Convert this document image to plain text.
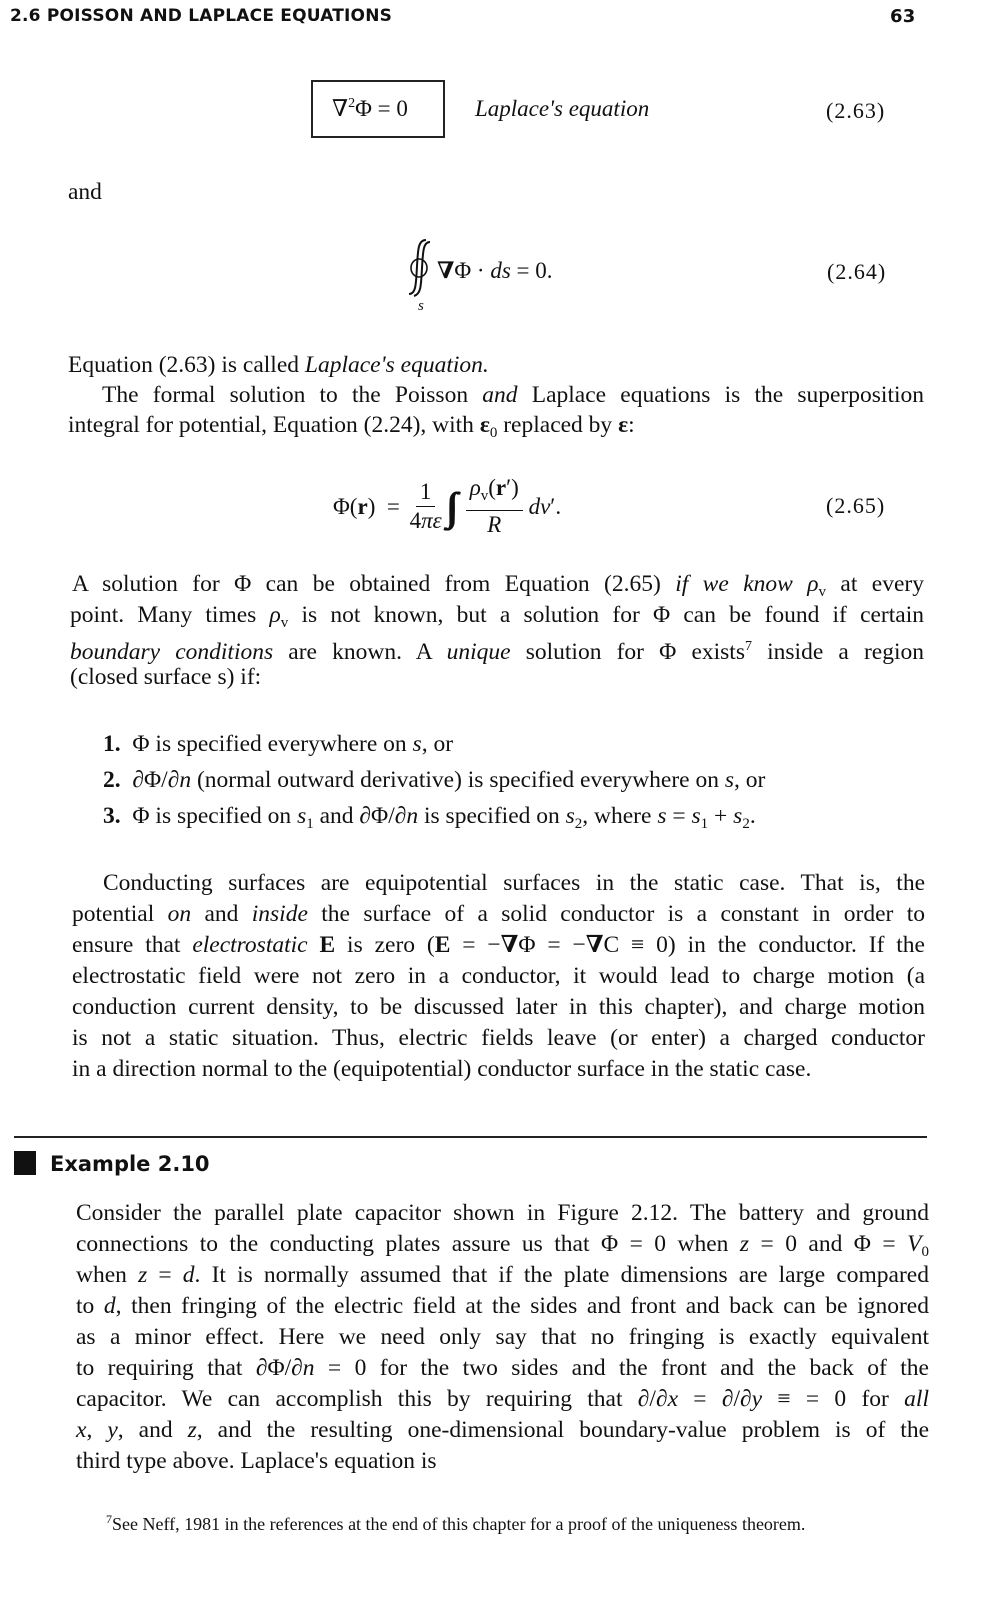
2.6 POISSON AND LAPLACE EQUATIONS	63
∇$^2$Φ = 0	Laplace's equation	(2.63)
and
∇Φ · ds = 0.
s
(2.64)
Equation (2.63) is called Laplace's equation.
The formal solution to the Poisson and Laplace equations is the superposition
integral for potential, Equation (2.24), with $\varepsilon_0$ replaced by ε:
$\Phi(r) = \frac{1}{4\pi\varepsilon} \frac{\rho_v(r')}{R} dv'$.	(2.65)
A solution for Φ can be obtained from Equation (2.65) if we know $\rho_v$ at every
point. Many times $\rho_v$ is not known, but a solution for Φ can be found if certain
boundary conditions are known. A unique solution for Φ exists$^7$ inside a region
(closed surface s) if:
1. Φ is specified everywhere on s, or
2. ∂Φ/∂n (normal outward derivative) is specified everywhere on s, or
3. Φ is specified on $s_1$ and ∂Φ/∂n is specified on $s_2$, where $s = s_1 + s_2$.
Conducting surfaces are equipotential surfaces in the static case. That is, the
potential on and inside the surface of a solid conductor is a constant in order to
ensure that electrostatic E is zero (E = −∇Φ = −∇C ≡ 0) in the conductor. If the
electrostatic field were not zero in a conductor, it would lead to charge motion (a
conduction current density, to be discussed later in this chapter), and charge motion
is not a static situation. Thus, electric fields leave (or enter) a charged conductor
in a direction normal to the (equipotential) conductor surface in the static case.
Example 2.10
Consider the parallel plate capacitor shown in Figure 2.12. The battery and ground
connections to the conducting plates assure us that Φ = 0 when z = 0 and $\Phi = V_0$
when z = d. It is normally assumed that if the plate dimensions are large compared
to d, then fringing of the electric field at the sides and front and back can be ignored
as a minor effect. Here we need only say that no fringing is exactly equivalent
to requiring that ∂Φ/∂n = 0 for the two sides and the front and the back of the
capacitor. We can accomplish this by requiring that ∂/∂x = ∂/∂y ≡ = 0 for all
x, y, and z, and the resulting one-dimensional boundary-value problem is of the
third type above. Laplace's equation is
$^7$See Neff, 1981 in the references at the end of this chapter for a proof of the uniqueness theorem.
